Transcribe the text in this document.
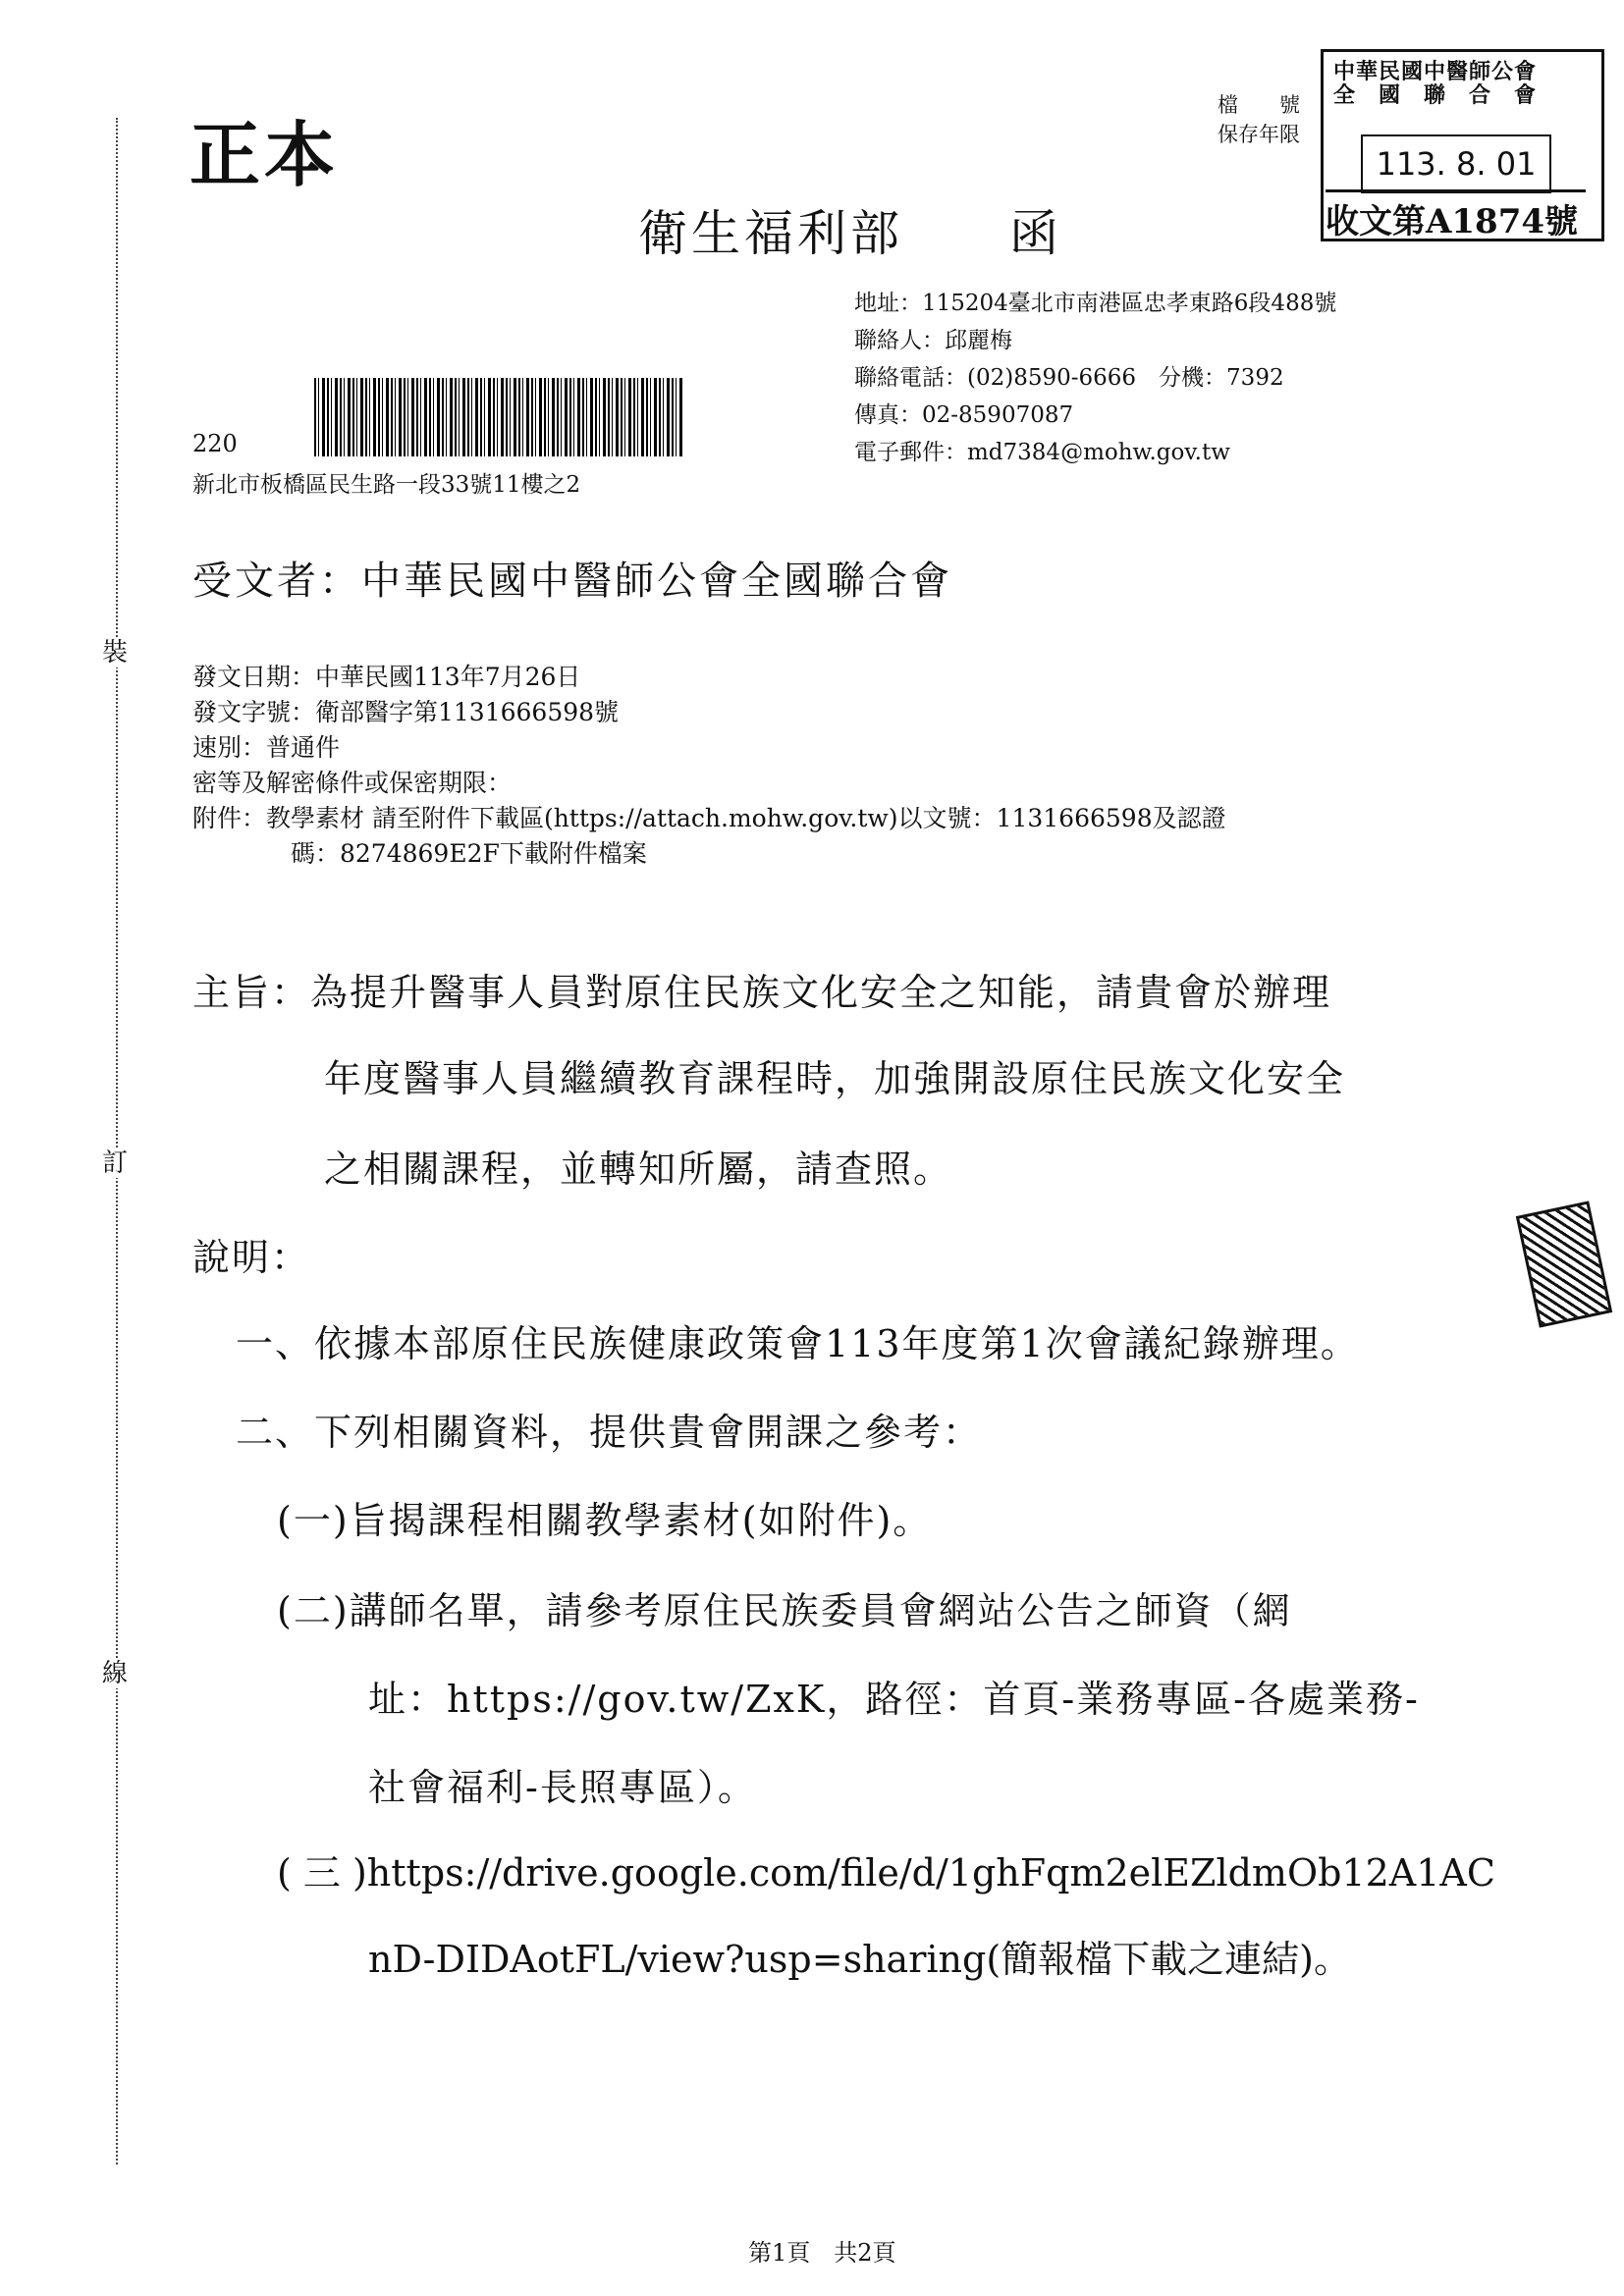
裝
訂
線
正本
檔　　號
保存年限
中華民國中醫師公會
全　國　聯　合　會
113. 8. 01
收文第A1874號
衛生福利部　　函
地址：115204臺北市南港區忠孝東路6段488號
聯絡人：邱麗梅
聯絡電話：(02)8590-6666　分機：7392
傳真：02-85907087
電子郵件：md7384@mohw.gov.tw
220
新北市板橋區民生路一段33號11樓之2
受文者：中華民國中醫師公會全國聯合會
發文日期：中華民國113年7月26日
發文字號：衛部醫字第1131666598號
速別：普通件
密等及解密條件或保密期限：
附件：教學素材 請至附件下載區(https://attach.mohw.gov.tw)以文號：1131666598及認證
碼：8274869E2F下載附件檔案
主旨：為提升醫事人員對原住民族文化安全之知能，請貴會於辦理
年度醫事人員繼續教育課程時，加強開設原住民族文化安全
之相關課程，並轉知所屬，請查照。
說明：
一、依據本部原住民族健康政策會113年度第1次會議紀錄辦理。
二、下列相關資料，提供貴會開課之參考：
(一)旨揭課程相關教學素材(如附件)。
(二)講師名單，請參考原住民族委員會網站公告之師資（網
址：https://gov.tw/ZxK，路徑：首頁-業務專區-各處業務-
社會福利-長照專區）。
( 三 )https://drive.google.com/file/d/1ghFqm2elEZldmOb12A1AC
nD-DIDAotFL/view?usp=sharing(簡報檔下載之連結)。
第1頁　共2頁
